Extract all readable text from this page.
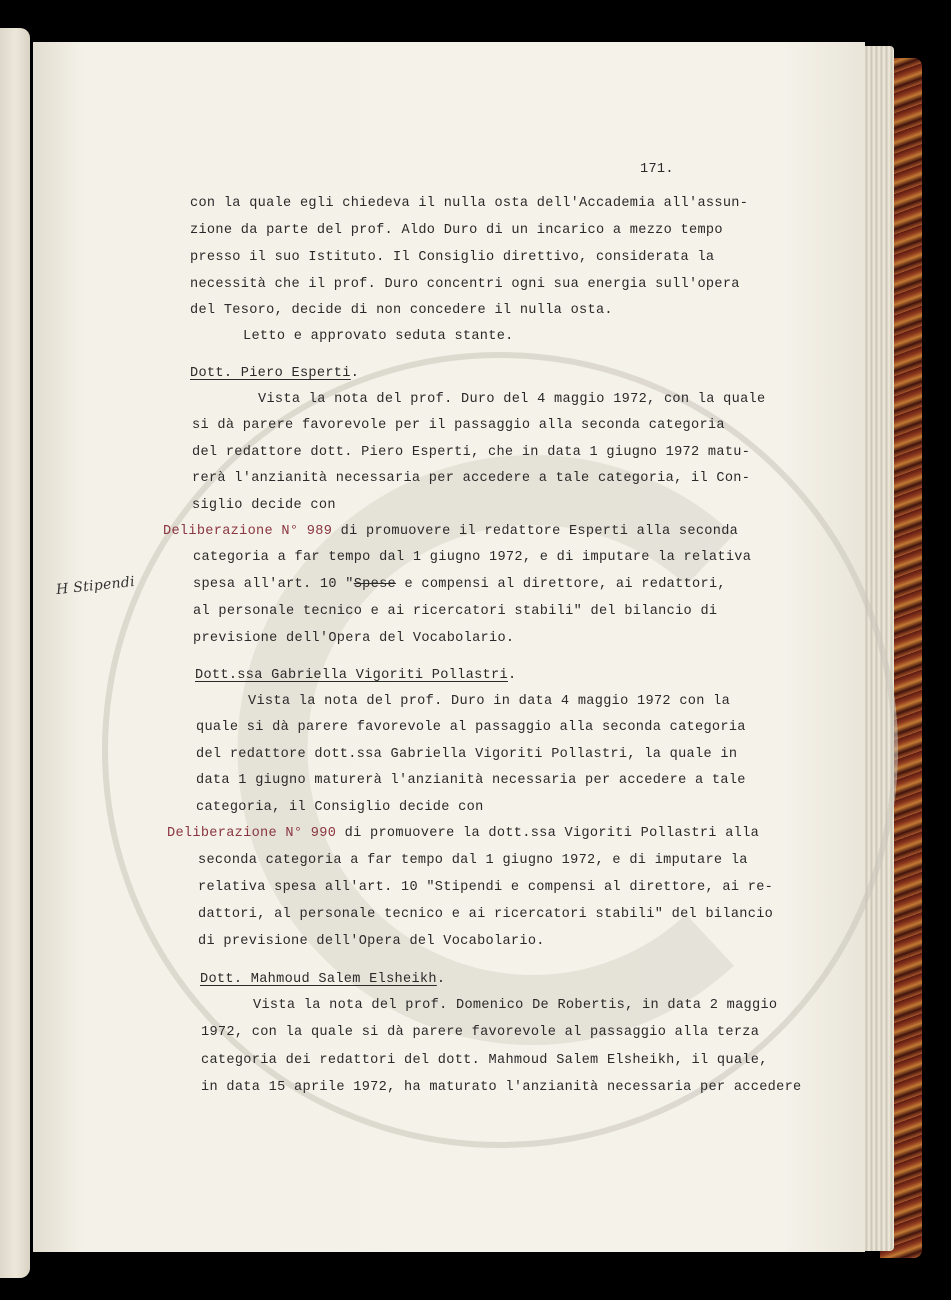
171.
con la quale egli chiedeva il nulla osta dell'Accademia all'assun-
zione da parte del prof. Aldo Duro di un incarico a mezzo tempo
presso il suo Istituto. Il Consiglio direttivo, considerata la
necessità che il prof. Duro concentri ogni sua energia sull'opera
del Tesoro, decide di non concedere il nulla osta.
Letto e approvato seduta stante.
Dott. Piero Esperti.
Vista la nota del prof. Duro del 4 maggio 1972, con la quale
si dà parere favorevole per il passaggio alla seconda categoria
del redattore dott. Piero Esperti, che in data 1 giugno 1972 matu-
rerà l'anzianità necessaria per accedere a tale categoria, il Con-
siglio decide con
Deliberazione N° 989 di promuovere il redattore Esperti alla seconda
categoria a far tempo dal 1 giugno 1972, e di imputare la relativa
spesa all'art. 10 "Spese e compensi al direttore, ai redattori,
al personale tecnico e ai ricercatori stabili" del bilancio di
previsione dell'Opera del Vocabolario.
Dott.ssa Gabriella Vigoriti Pollastri.
Vista la nota del prof. Duro in data 4 maggio 1972 con la
quale si dà parere favorevole al passaggio alla seconda categoria
del redattore dott.ssa Gabriella Vigoriti Pollastri, la quale in
data 1 giugno maturerà l'anzianità necessaria per accedere a tale
categoria, il Consiglio decide con
Deliberazione N° 990 di promuovere la dott.ssa Vigoriti Pollastri alla
seconda categoria a far tempo dal 1 giugno 1972, e di imputare la
relativa spesa all'art. 10 "Stipendi e compensi al direttore, ai re-
dattori, al personale tecnico e ai ricercatori stabili" del bilancio
di previsione dell'Opera del Vocabolario.
Dott. Mahmoud Salem Elsheikh.
Vista la nota del prof. Domenico De Robertis, in data 2 maggio
1972, con la quale si dà parere favorevole al passaggio alla terza
categoria dei redattori del dott. Mahmoud Salem Elsheikh, il quale,
in data 15 aprile 1972, ha maturato l'anzianità necessaria per accedere
H Stipendi
